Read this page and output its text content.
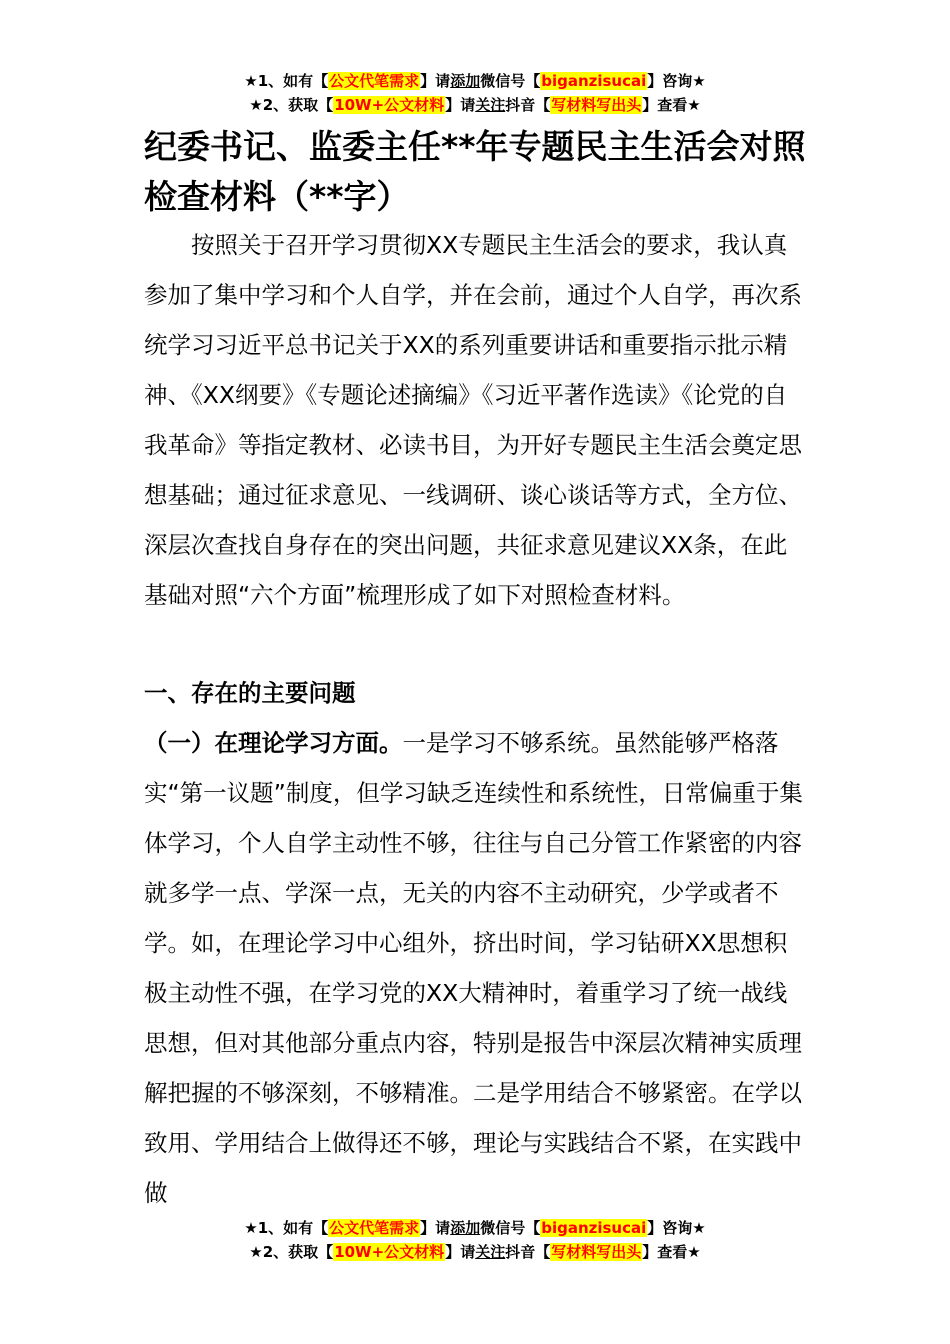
★1、如有【公文代笔需求】请添加微信号【biganzisucai】咨询★
★2、获取【10W+公文材料】请关注抖音【写材料写出头】查看★
纪委书记、监委主任**年专题民主生活会对照检查材料（**字）

按照关于召开学习贯彻XX专题民主生活会的要求，我认真参加了集中学习和个人自学，并在会前，通过个人自学，再次系统学习习近平总书记关于XX的系列重要讲话和重要指示批示精神、《XX纲要》《专题论述摘编》《习近平著作选读》《论党的自我革命》等指定教材、必读书目，为开好专题民主生活会奠定思想基础；通过征求意见、一线调研、谈心谈话等方式，全方位、深层次查找自身存在的突出问题，共征求意见建议XX条，在此基础对照“六个方面”梳理形成了如下对照检查材料。

一、存在的主要问题

（一）在理论学习方面。一是学习不够系统。虽然能够严格落实“第一议题”制度，但学习缺乏连续性和系统性，日常偏重于集体学习，个人自学主动性不够，往往与自己分管工作紧密的内容就多学一点、学深一点，无关的内容不主动研究，少学或者不学。如，在理论学习中心组外，挤出时间，学习钻研XX思想积极主动性不强，在学习党的XX大精神时，着重学习了统一战线思想，但对其他部分重点内容，特别是报告中深层次精神实质理解把握的不够深刻，不够精准。二是学用结合不够紧密。在学以致用、学用结合上做得还不够，理论与实践结合不紧，在实践中做

★1、如有【公文代笔需求】请添加微信号【biganzisucai】咨询★
★2、获取【10W+公文材料】请关注抖音【写材料写出头】查看★
